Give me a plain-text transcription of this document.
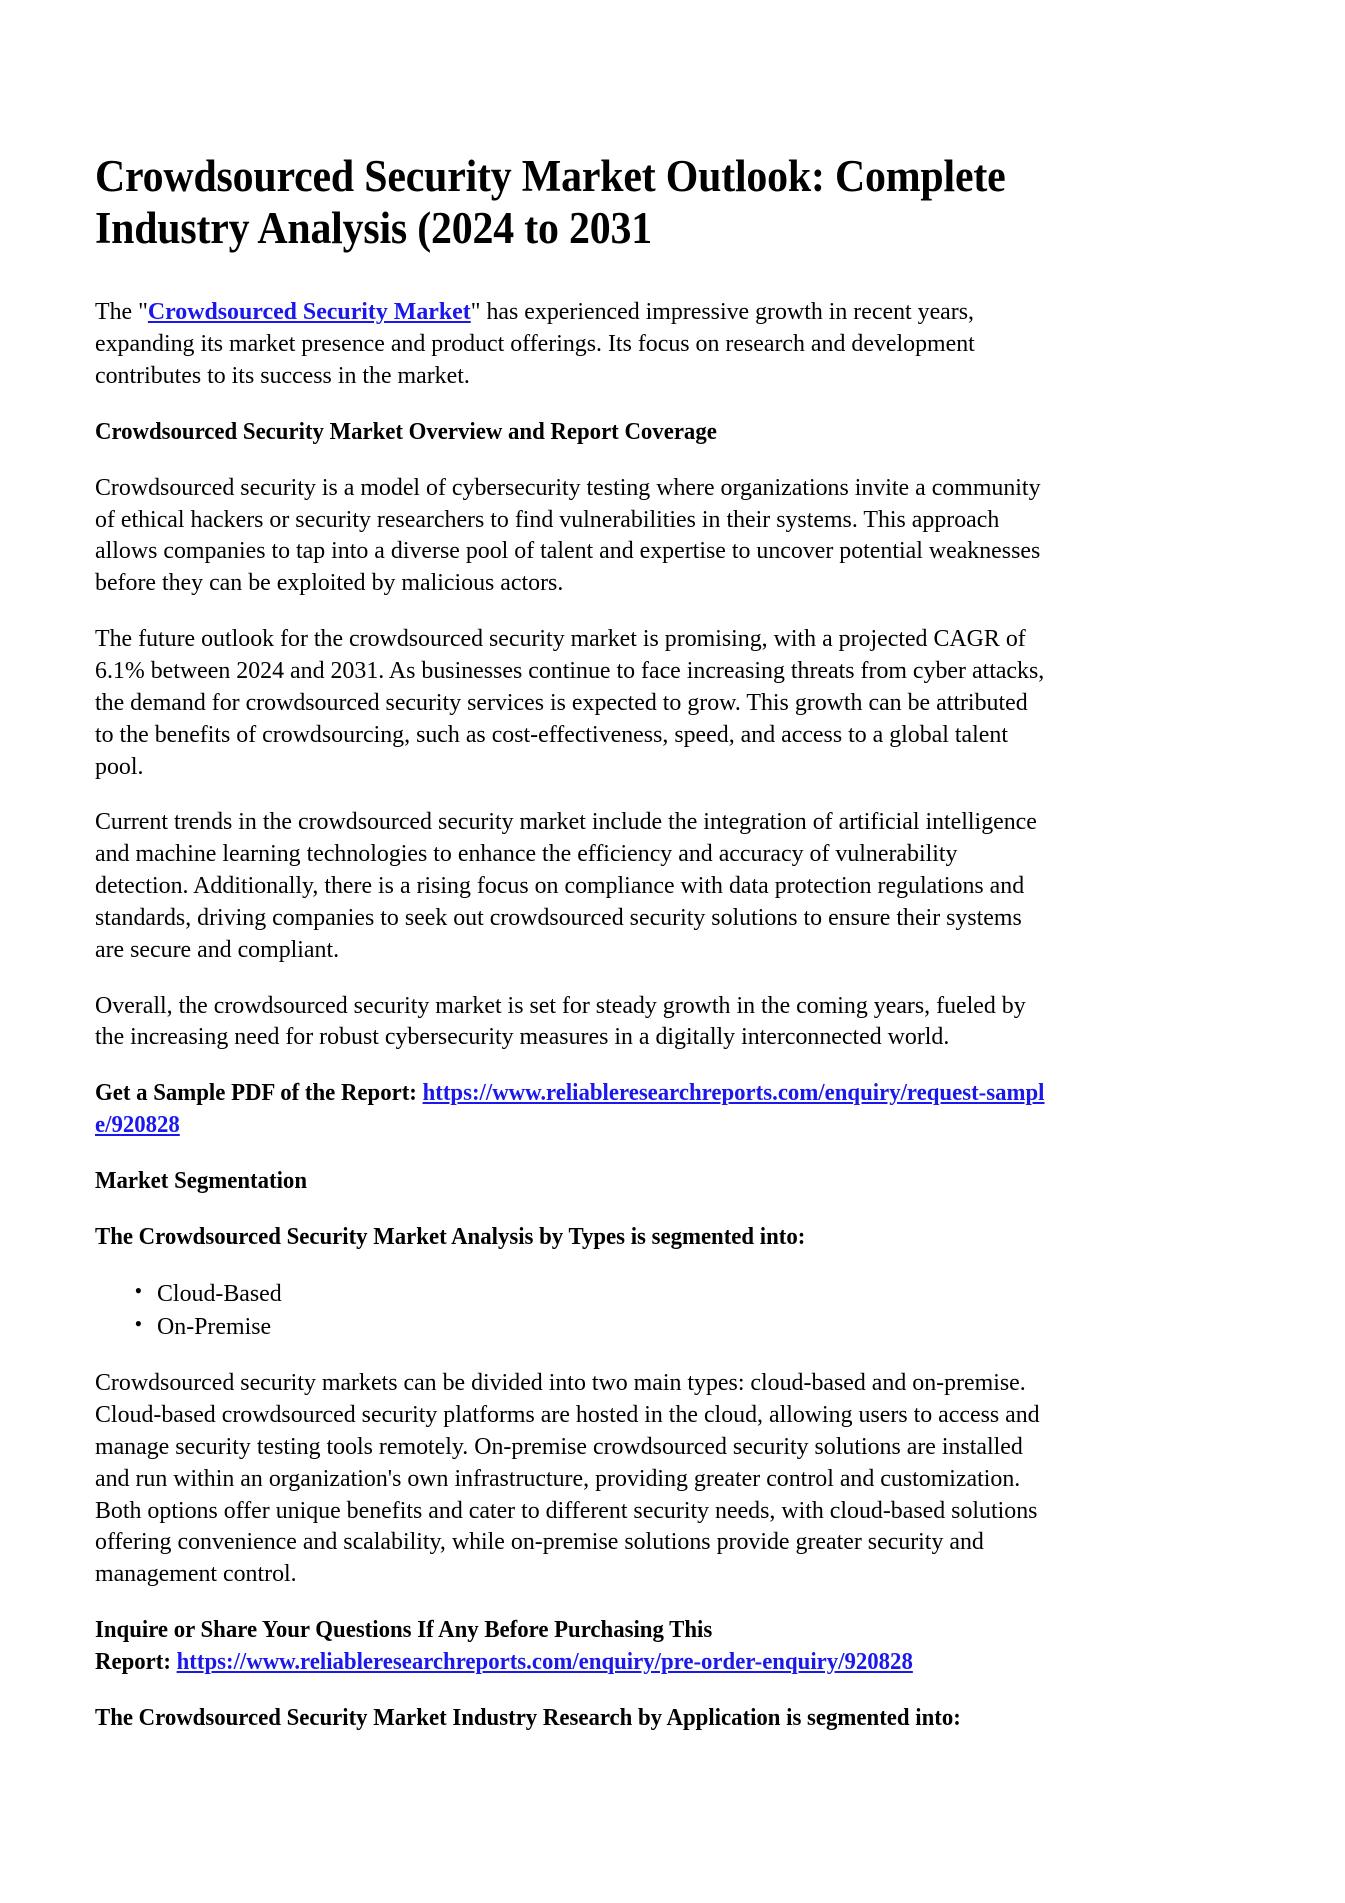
Crowdsourced Security Market Outlook: Complete Industry Analysis (2024 to 2031

The "Crowdsourced Security Market" has experienced impressive growth in recent years, expanding its market presence and product offerings. Its focus on research and development contributes to its success in the market.

Crowdsourced Security Market Overview and Report Coverage

Crowdsourced security is a model of cybersecurity testing where organizations invite a community of ethical hackers or security researchers to find vulnerabilities in their systems. This approach allows companies to tap into a diverse pool of talent and expertise to uncover potential weaknesses before they can be exploited by malicious actors.

The future outlook for the crowdsourced security market is promising, with a projected CAGR of 6.1% between 2024 and 2031. As businesses continue to face increasing threats from cyber attacks, the demand for crowdsourced security services is expected to grow. This growth can be attributed to the benefits of crowdsourcing, such as cost-effectiveness, speed, and access to a global talent pool.

Current trends in the crowdsourced security market include the integration of artificial intelligence and machine learning technologies to enhance the efficiency and accuracy of vulnerability detection. Additionally, there is a rising focus on compliance with data protection regulations and standards, driving companies to seek out crowdsourced security solutions to ensure their systems are secure and compliant.

Overall, the crowdsourced security market is set for steady growth in the coming years, fueled by the increasing need for robust cybersecurity measures in a digitally interconnected world.

Get a Sample PDF of the Report: https://www.reliableresearchreports.com/enquiry/request-sample/920828

Market Segmentation
The Crowdsourced Security Market Analysis by Types is segmented into:
• Cloud-Based
• On-Premise

Crowdsourced security markets can be divided into two main types: cloud-based and on-premise. Cloud-based crowdsourced security platforms are hosted in the cloud, allowing users to access and manage security testing tools remotely. On-premise crowdsourced security solutions are installed and run within an organization's own infrastructure, providing greater control and customization. Both options offer unique benefits and cater to different security needs, with cloud-based solutions offering convenience and scalability, while on-premise solutions provide greater security and management control.

Inquire or Share Your Questions If Any Before Purchasing This
Report: https://www.reliableresearchreports.com/enquiry/pre-order-enquiry/920828

The Crowdsourced Security Market Industry Research by Application is segmented into:
